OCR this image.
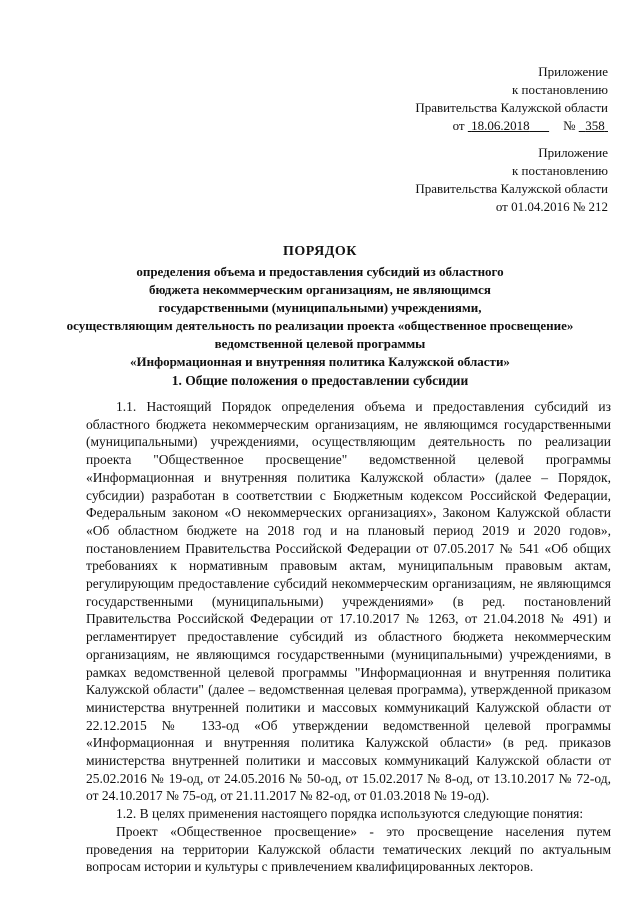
Приложение
к постановлению
Правительства Калужской области
от 18.06.2018	№ 358
Приложение
к постановлению
Правительства Калужской области
от 01.04.2016 № 212
ПОРЯДОК
определения объема и предоставления субсидий из областного
бюджета некоммерческим организациям, не являющимся
государственными (муниципальными) учреждениями,
осуществляющим деятельность по реализации проекта «общественное просвещение»
ведомственной целевой программы
«Информационная и внутренняя политика Калужской области»
1. Общие положения о предоставлении субсидии

1.1. Настоящий Порядок определения объема и предоставления субсидий из областного бюджета некоммерческим организациям, не являющимся государственными (муниципальными) учреждениями, осуществляющим деятельность по реализации проекта "Общественное просвещение" ведомственной целевой программы «Информационная и внутренняя политика Калужской области» (далее – Порядок, субсидии) разработан в соответствии с Бюджетным кодексом Российской Федерации, Федеральным законом «О некоммерческих организациях», Законом Калужской области «Об областном бюджете на 2018 год и на плановый период 2019 и 2020 годов», постановлением Правительства Российской Федерации от 07.05.2017 № 541 «Об общих требованиях к нормативным правовым актам, муниципальным правовым актам, регулирующим предоставление субсидий некоммерческим организациям, не являющимся государственными (муниципальными) учреждениями» (в ред. постановлений Правительства Российской Федерации от 17.10.2017 № 1263, от 21.04.2018 № 491) и регламентирует предоставление субсидий из областного бюджета некоммерческим организациям, не являющимся государственными (муниципальными) учреждениями, в рамках ведомственной целевой программы "Информационная и внутренняя политика Калужской области" (далее – ведомственная целевая программа), утвержденной приказом министерства внутренней политики и массовых коммуникаций Калужской области от 22.12.2015 № 133-од «Об утверждении ведомственной целевой программы «Информационная и внутренняя политика Калужской области» (в ред. приказов министерства внутренней политики и массовых коммуникаций Калужской области от 25.02.2016 № 19-од, от 24.05.2016 № 50-од, от 15.02.2017 № 8-од, от 13.10.2017 № 72-од, от 24.10.2017 № 75-од, от 21.11.2017 № 82-од, от 01.03.2018 № 19-од).

1.2. В целях применения настоящего порядка используются следующие понятия:

Проект «Общественное просвещение» - это просвещение населения путем проведения на территории Калужской области тематических лекций по актуальным вопросам истории и культуры с привлечением квалифицированных лекторов.
